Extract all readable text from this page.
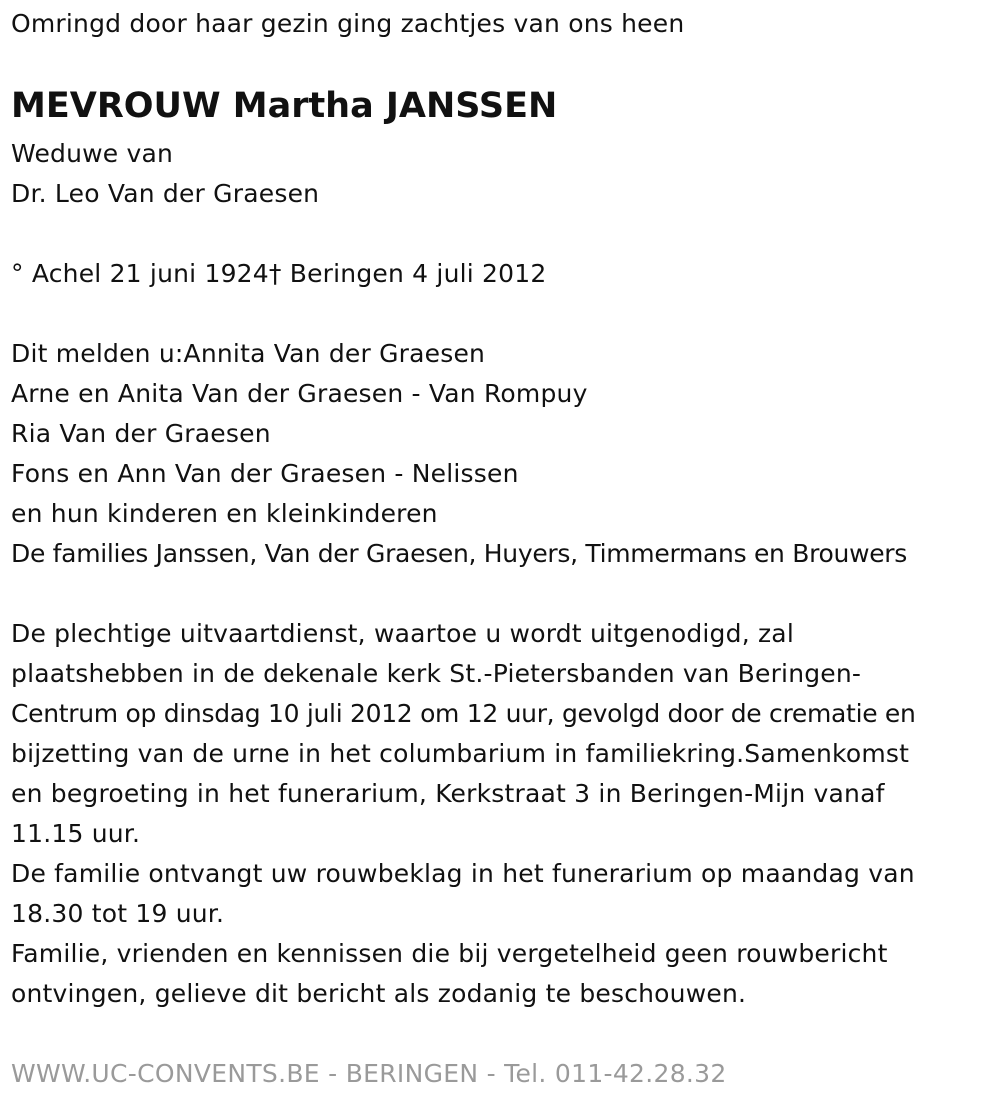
Omringd door haar gezin ging zachtjes van ons heen
MEVROUW Martha JANSSEN
Weduwe van
Dr. Leo Van der Graesen
° Achel 21 juni 1924† Beringen 4 juli 2012
Dit melden u:Annita Van der Graesen
Arne en Anita Van der Graesen - Van Rompuy
Ria Van der Graesen
Fons en Ann Van der Graesen - Nelissen
en hun kinderen en kleinkinderen
De families Janssen, Van der Graesen, Huyers, Timmermans en Brouwers
De plechtige uitvaartdienst, waartoe u wordt uitgenodigd, zal
plaatshebben in de dekenale kerk St.-Pietersbanden van Beringen-
Centrum op dinsdag 10 juli 2012 om 12 uur, gevolgd door de crematie en
bijzetting van de urne in het columbarium in familiekring.Samenkomst
en begroeting in het funerarium, Kerkstraat 3 in Beringen-Mijn vanaf
11.15 uur.
De familie ontvangt uw rouwbeklag in het funerarium op maandag van
18.30 tot 19 uur.
Familie, vrienden en kennissen die bij vergetelheid geen rouwbericht
ontvingen, gelieve dit bericht als zodanig te beschouwen.
WWW.UC-CONVENTS.BE - BERINGEN - Tel. 011-42.28.32
